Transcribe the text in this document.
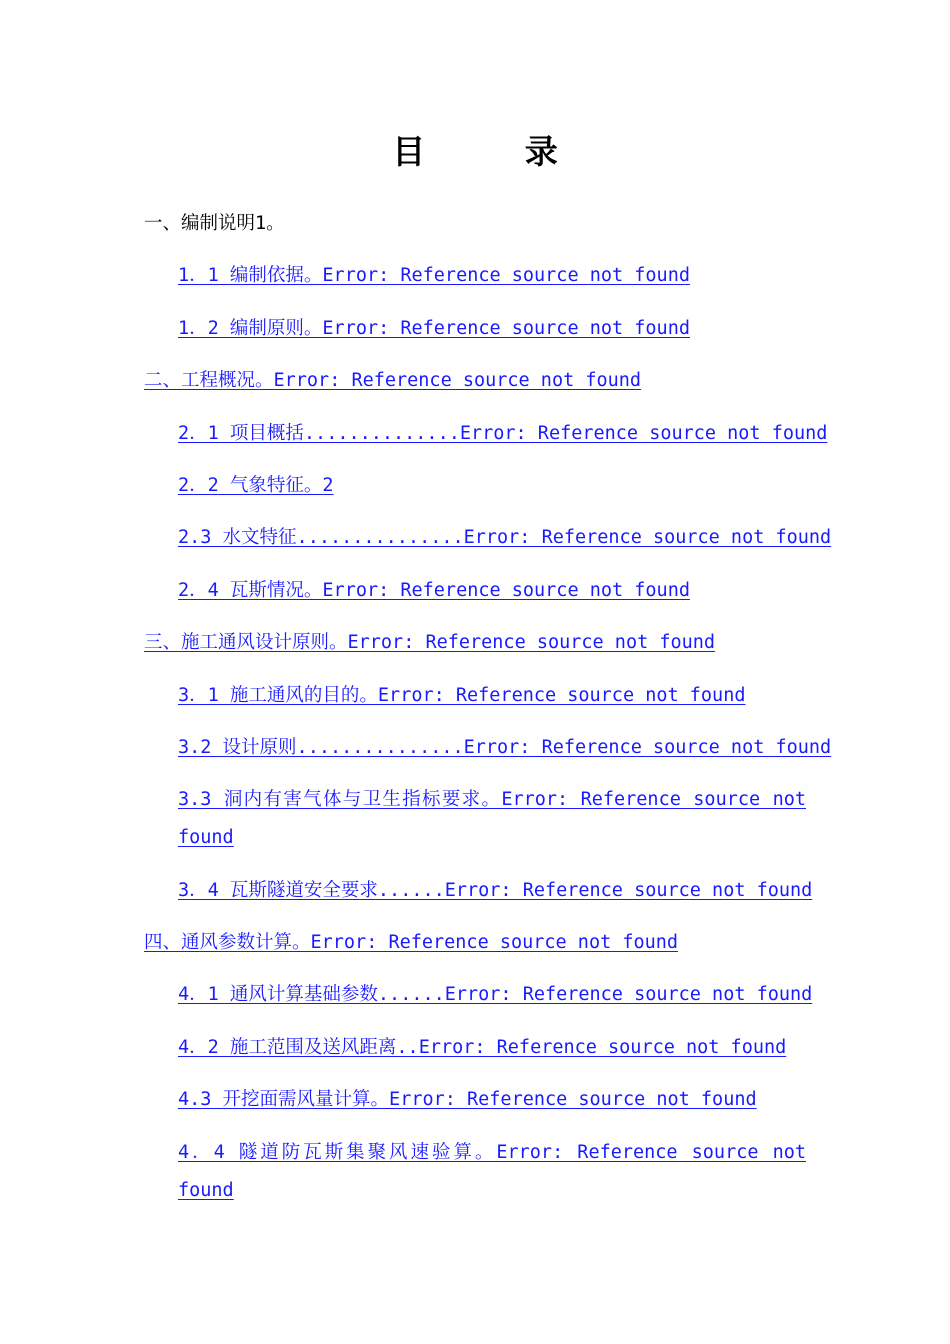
目 录
一、编制说明1。
1．1 编制依据。Error: Reference source not found
1．2 编制原则。Error: Reference source not found
二、工程概况。Error: Reference source not found
2．1 项目概括..............Error: Reference source not found
2．2 气象特征。2
2.3 水文特征...............Error: Reference source not found
2．4 瓦斯情况。Error: Reference source not found
三、施工通风设计原则。Error: Reference source not found
3．1 施工通风的目的。Error: Reference source not found
3.2 设计原则...............Error: Reference source not found
3.3 洞内有害气体与卫生指标要求。Error: Reference source not found
3．4 瓦斯隧道安全要求......Error: Reference source not found
四、通风参数计算。Error: Reference source not found
4．1 通风计算基础参数......Error: Reference source not found
4．2 施工范围及送风距离..Error: Reference source not found
4.3 开挖面需风量计算。Error: Reference source not found
4．4 隧道防瓦斯集聚风速验算。Error: Reference source not found
